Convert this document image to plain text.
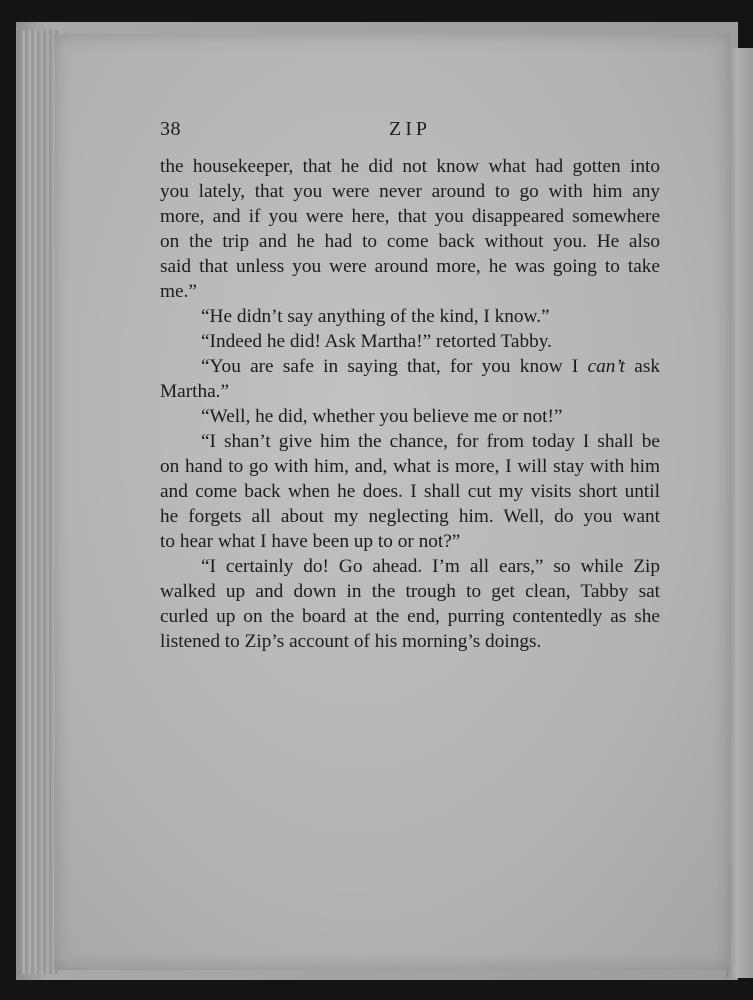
38	ZIP
the housekeeper, that he did not know what had gotten into
you lately, that you were never around to go with him any
more, and if you were here, that you disappeared somewhere
on the trip and he had to come back without you. He also
said that unless you were around more, he was going to take
me.”
“He didn’t say anything of the kind, I know.”
“Indeed he did! Ask Martha!” retorted Tabby.
“You are safe in saying that, for you know I can’t ask
Martha.”
“Well, he did, whether you believe me or not!”
“I shan’t give him the chance, for from today I shall be
on hand to go with him, and, what is more, I will stay with him
and come back when he does. I shall cut my visits short until
he forgets all about my neglecting him. Well, do you want
to hear what I have been up to or not?”
“I certainly do! Go ahead. I’m all ears,” so while Zip
walked up and down in the trough to get clean, Tabby sat
curled up on the board at the end, purring contentedly as she
listened to Zip’s account of his morning’s doings.
